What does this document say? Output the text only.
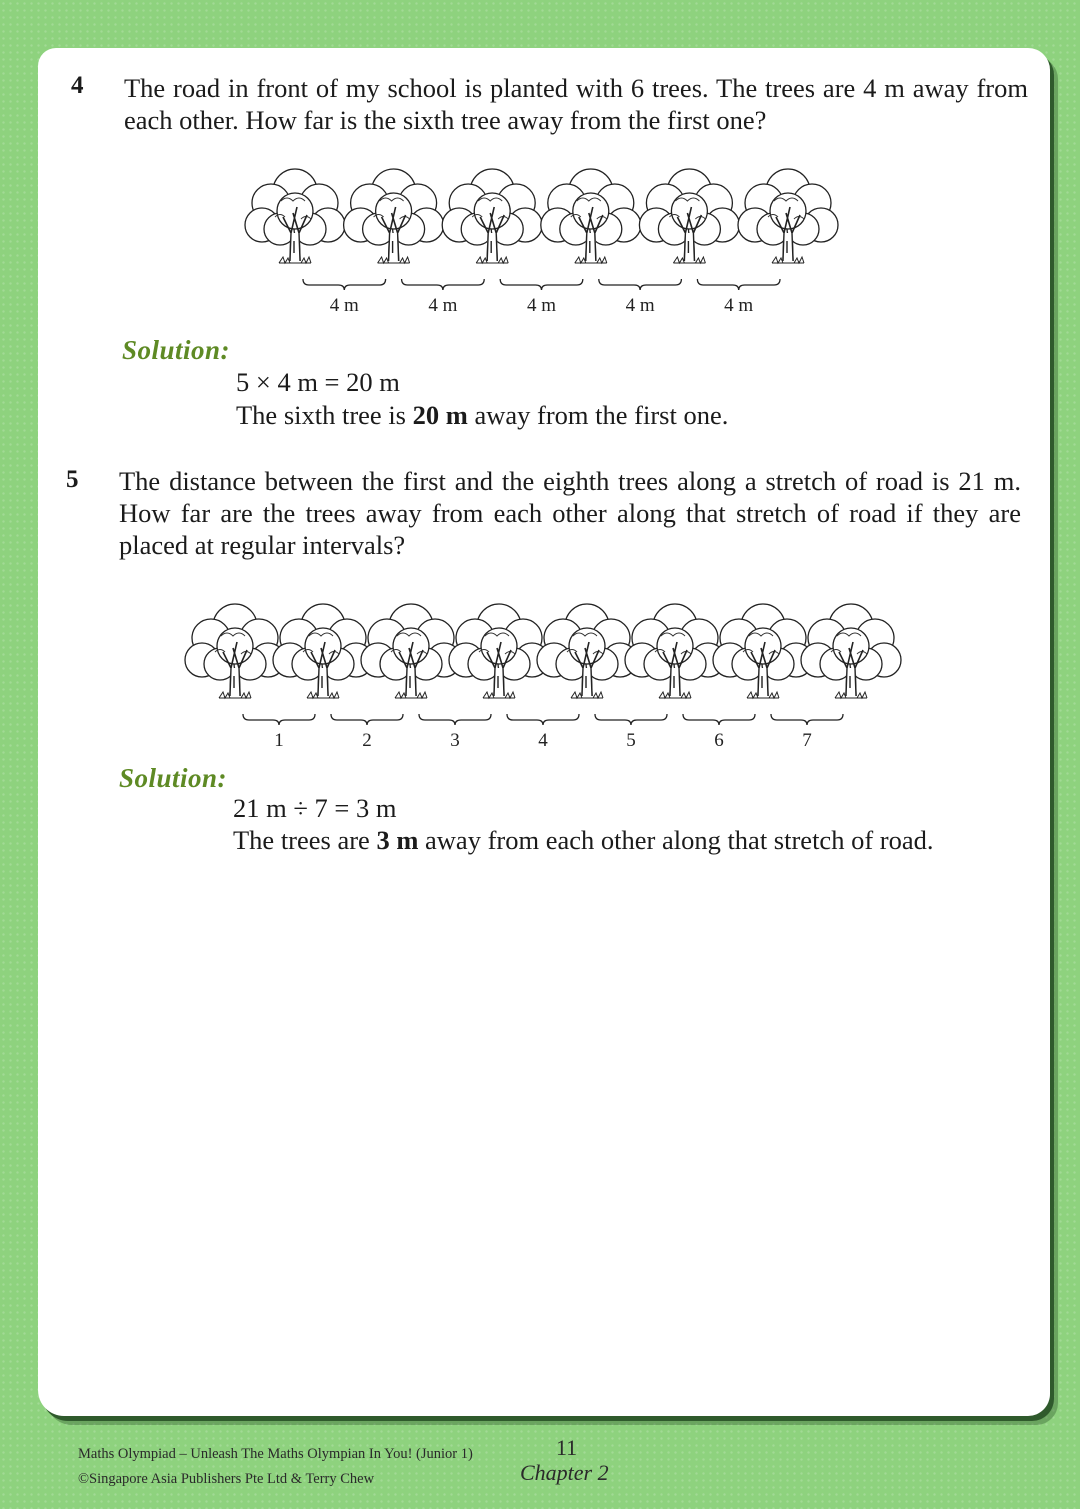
4 The road in front of my school is planted with 6 trees. The trees are 4 m away from each other. How far is the sixth tree away from the first one?

4 m	4 m	4 m	4 m	4 m
Solution:
5 × 4 m = 20 m
The sixth tree is 20 m away from the first one.
5 The distance between the first and the eighth trees along a stretch of road is 21 m. How far are the trees away from each other along that stretch of road if they are placed at regular intervals?

1	2	3	4	5	6	7
Solution:
21 m ÷ 7 = 3 m
The trees are 3 m away from each other along that stretch of road.
Maths Olympiad – Unleash The Maths Olympian In You! (Junior 1)
©Singapore Asia Publishers Pte Ltd & Terry Chew
11
Chapter 2
